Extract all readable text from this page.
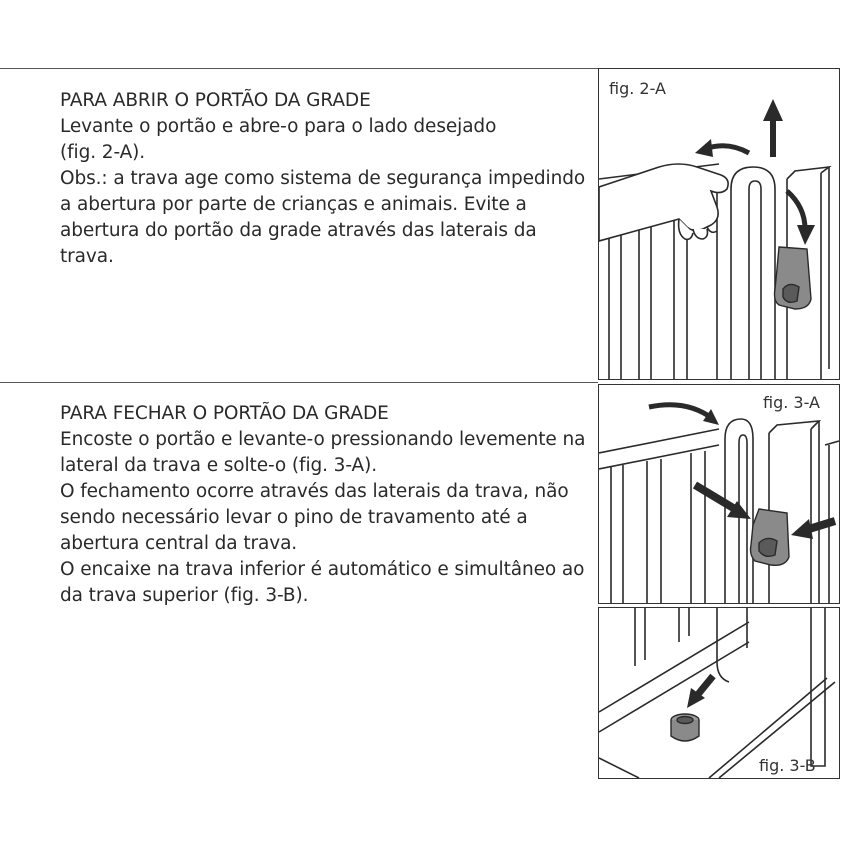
PARA ABRIR O PORTÃO DA GRADE

Levante o portão e abre-o para o lado desejado

(fig. 2-A).

Obs.: a trava age como sistema de segurança impedindo

a abertura por parte de crianças e animais. Evite a

abertura do portão da grade através das laterais da

trava.

PARA FECHAR O PORTÃO DA GRADE

Encoste o portão e levante-o pressionando levemente na

lateral da trava e solte-o (fig. 3-A).

O fechamento ocorre através das laterais da trava, não

sendo necessário levar o pino de travamento até a

abertura central da trava.

O encaixe na trava inferior é automático e simultâneo ao

da trava superior (fig. 3-B).

fig. 2-A
fig. 3-A
fig. 3-B
